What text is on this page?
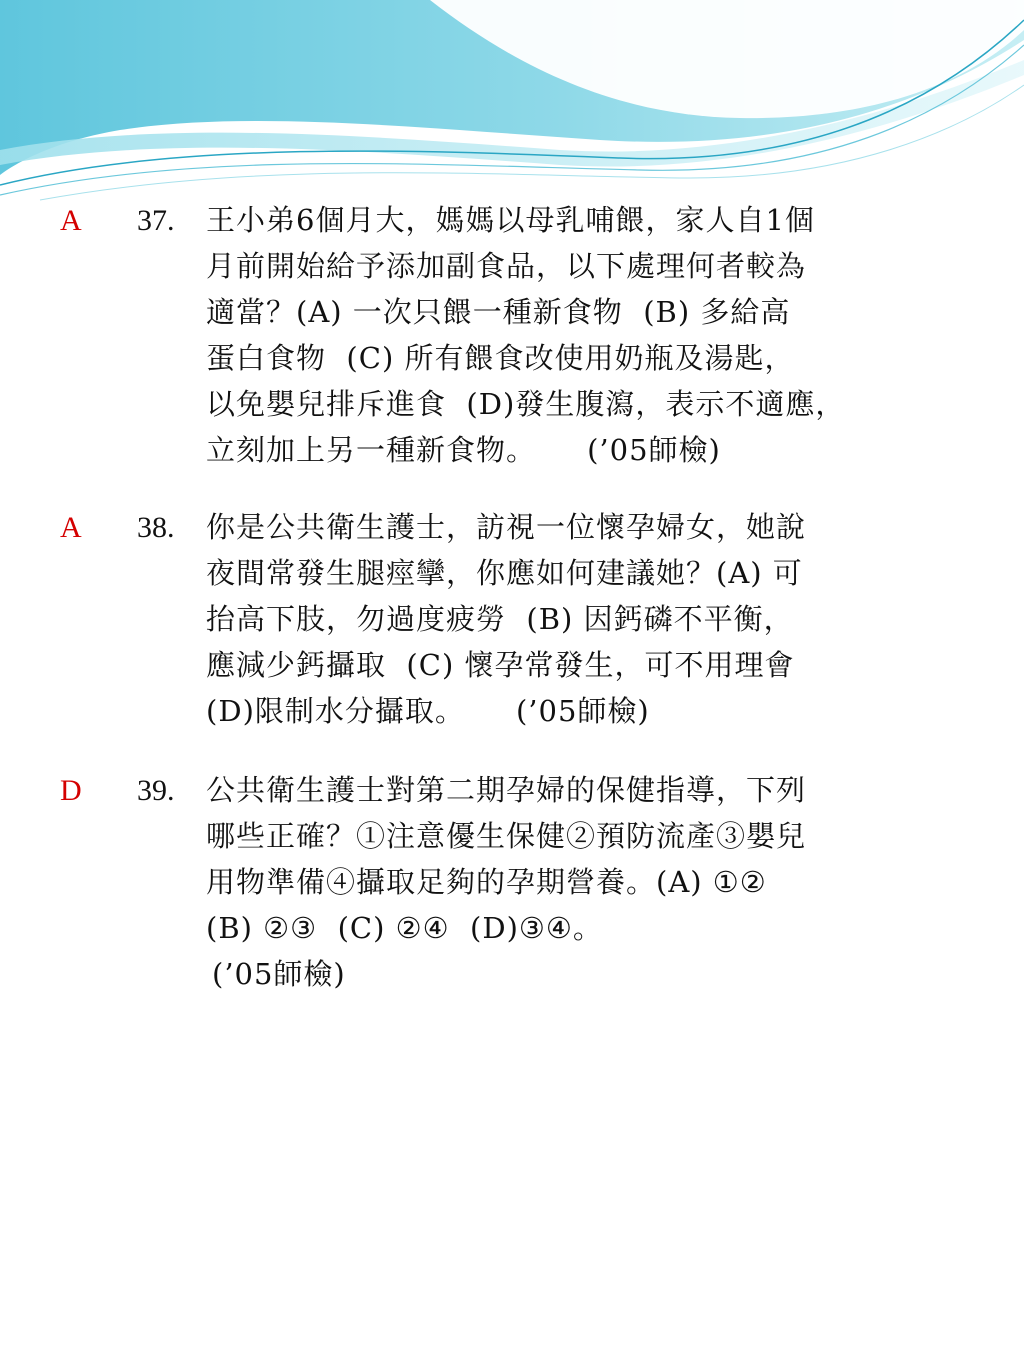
A 37. 王小弟6個月大，媽媽以母乳哺餵，家人自1個
月前開始給予添加副食品，以下處理何者較為
適當？(A) 一次只餵一種新食物  (B) 多給高
蛋白食物  (C) 所有餵食改使用奶瓶及湯匙，
以免嬰兒排斥進食  (D)發生腹瀉，表示不適應，
立刻加上另一種新食物。     (’05師檢)
A 38. 你是公共衛生護士，訪視一位懷孕婦女，她說
夜間常發生腿痙攣，你應如何建議她？(A) 可
抬高下肢，勿過度疲勞  (B) 因鈣磷不平衡，
應減少鈣攝取  (C) 懷孕常發生，可不用理會
(D)限制水分攝取。     (’05師檢)
D 39. 公共衛生護士對第二期孕婦的保健指導，下列
哪些正確？①注意優生保健②預防流產③嬰兒
用物準備④攝取足夠的孕期營養。(A) ①②
(B) ②③  (C) ②④  (D)③④。
(’05師檢)
